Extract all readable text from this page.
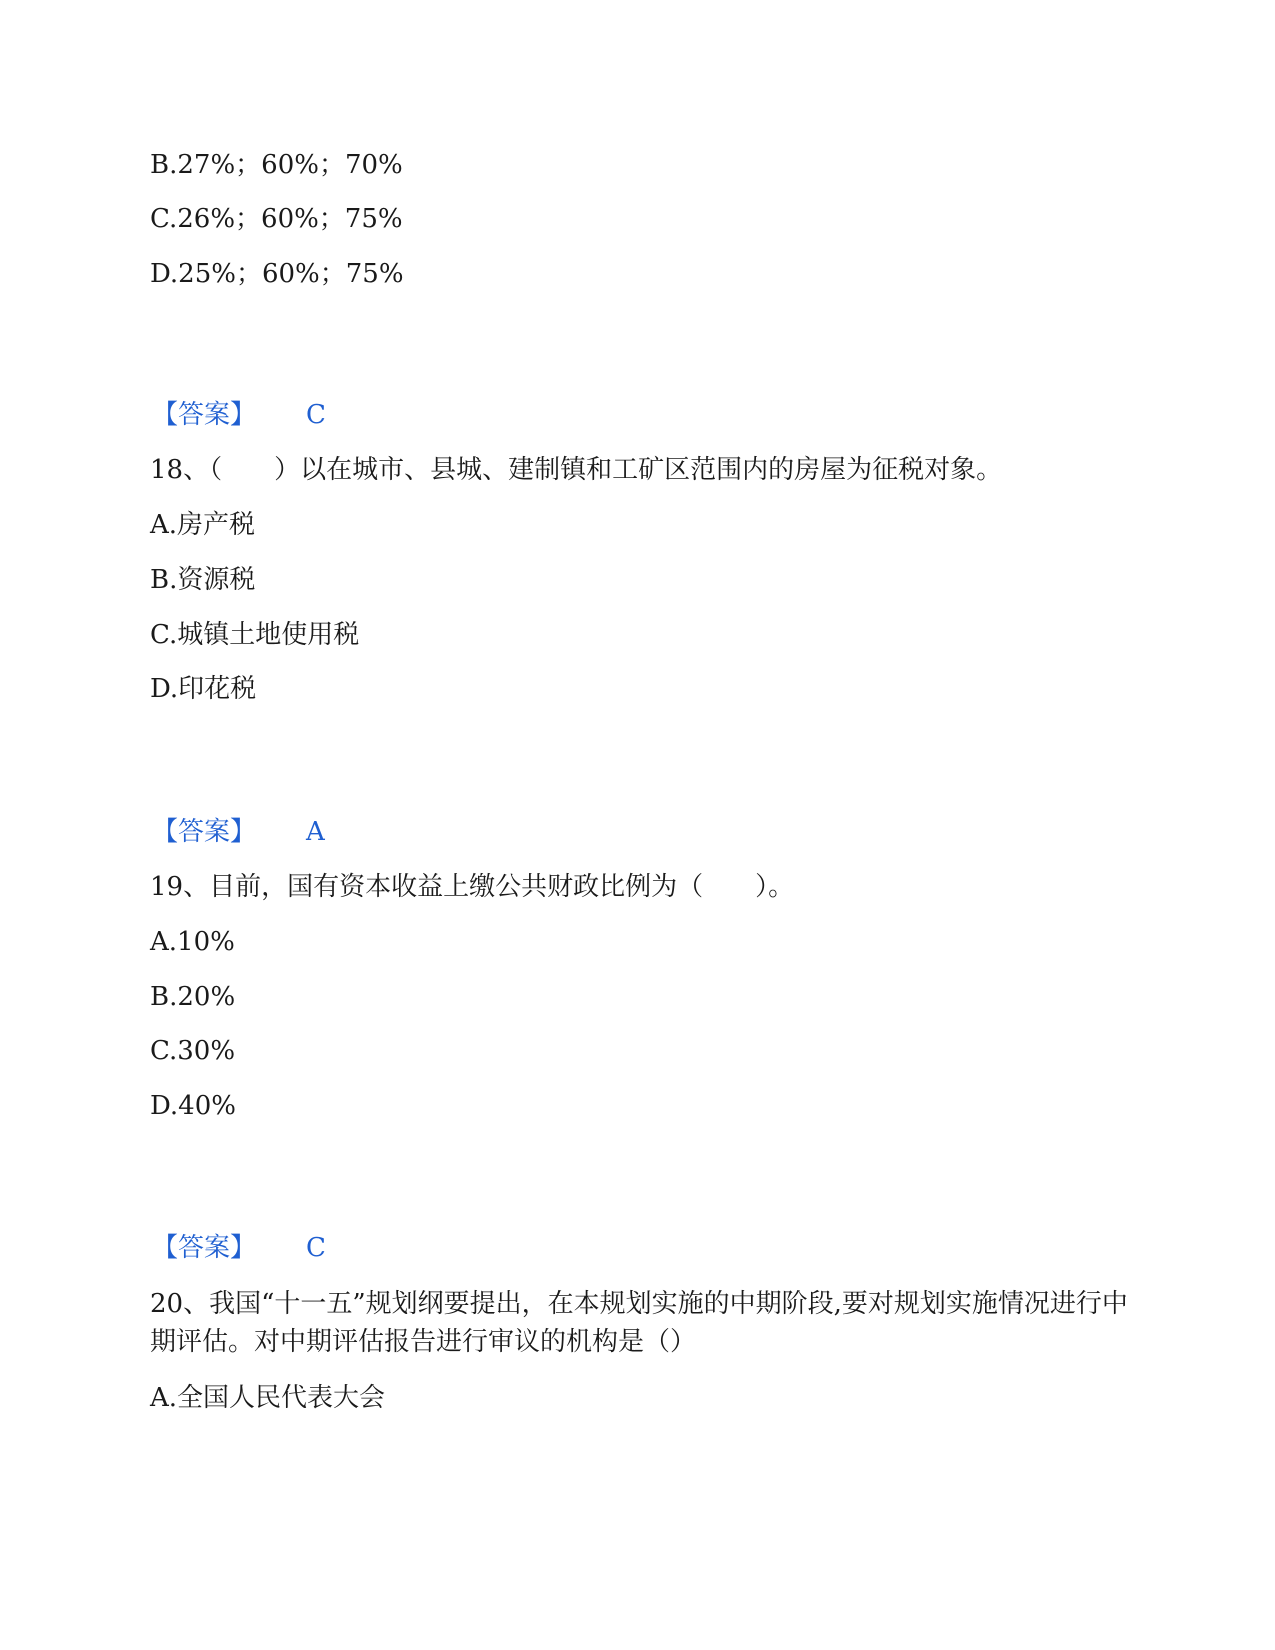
B.27%；60%；70%
C.26%；60%；75%
D.25%；60%；75%
【答案】 C
18、（　　）以在城市、县城、建制镇和工矿区范围内的房屋为征税对象。
A.房产税
B.资源税
C.城镇土地使用税
D.印花税
【答案】 A
19、目前，国有资本收益上缴公共财政比例为（　　）。
A.10%
B.20%
C.30%
D.40%
【答案】 C
20、我国“十一五”规划纲要提出，在本规划实施的中期阶段,要对规划实施情况进行中期评估。对中期评估报告进行审议的机构是（）
A.全国人民代表大会
